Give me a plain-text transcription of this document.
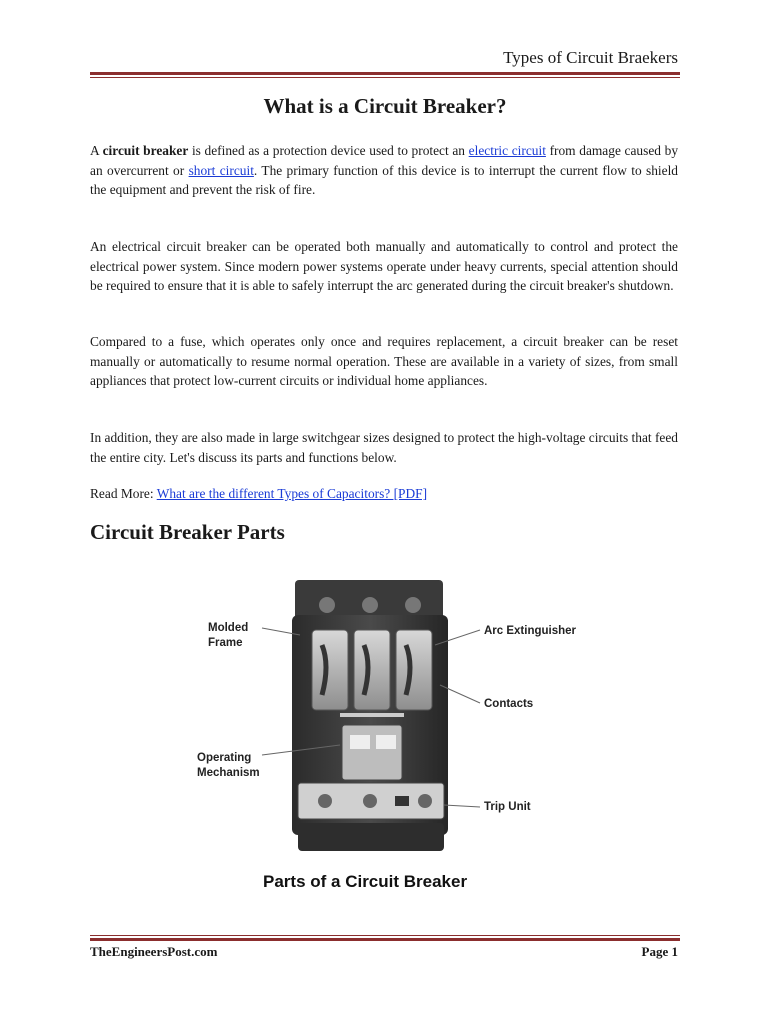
Types of Circuit Braekers
What is a Circuit Breaker?

A circuit breaker is defined as a protection device used to protect an electric circuit from damage caused by an overcurrent or short circuit. The primary function of this device is to interrupt the current flow to shield the equipment and prevent the risk of fire.

An electrical circuit breaker can be operated both manually and automatically to control and protect the electrical power system. Since modern power systems operate under heavy currents, special attention should be required to ensure that it is able to safely interrupt the arc generated during the circuit breaker's shutdown.

Compared to a fuse, which operates only once and requires replacement, a circuit breaker can be reset manually or automatically to resume normal operation. These are available in a variety of sizes, from small appliances that protect low-current circuits or individual home appliances.

In addition, they are also made in large switchgear sizes designed to protect the high-voltage circuits that feed the entire city. Let's discuss its parts and functions below.

Read More: What are the different Types of Capacitors? [PDF]

Circuit Breaker Parts
Molded
Frame
Operating
Mechanism
Arc Extinguisher
Contacts
Trip Unit
Parts of a Circuit Breaker
TheEngineersPost.com	Page 1
